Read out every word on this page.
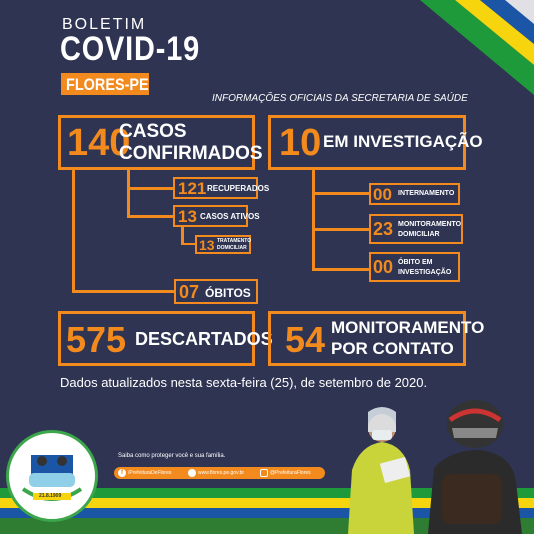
BOLETIM
COVID-19
FLORES-PE
INFORMAÇÕES OFICIAIS DA SECRETARIA DE SAÚDE
140
CASOS
CONFIRMADOS
121 RECUPERADOS
13 CASOS ATIVOS
13 TRATAMENTO
DOMICILIAR
07 ÓBITOS
10 EM INVESTIGAÇÃO
00 INTERNAMENTO
23 MONITORAMENTO
DOMICILIAR
00 ÓBITO EM
INVESTIGAÇÃO
575 DESCARTADOS 54 MONITORAMENTO
POR CONTATO
Dados atualizados nesta sexta-feira (25), de setembro de 2020.
21.8.1909
Saiba como proteger você e sua família.
f	/PrefeituraDeFlores	www.flores.pe.gov.br	@PrefeituraFlores
